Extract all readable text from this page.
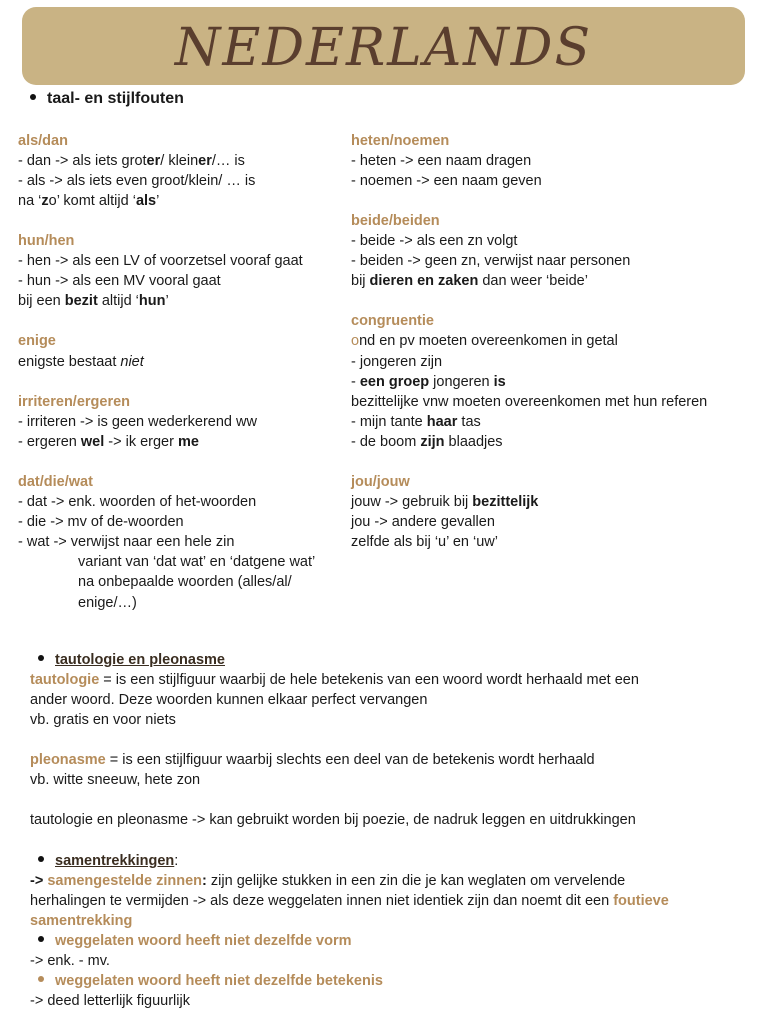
NEDERLANDS
taal- en stijlfouten
als/dan
- dan -> als iets groter/ kleiner/… is
- als -> als iets even groot/klein/ … is
na ‘zo’ komt altijd ‘als’
hun/hen
- hen -> als een LV of voorzetsel vooraf gaat
- hun -> als een MV vooral gaat
bij een bezit altijd ‘hun’
enige
enigste bestaat niet
irriteren/ergeren
- irriteren -> is geen wederkerend ww
- ergeren wel -> ik erger me
dat/die/wat
- dat -> enk. woorden of het-woorden
- die -> mv of de-woorden
- wat -> verwijst naar een hele zin
variant van ‘dat wat’ en ‘datgene wat’
na onbepaalde woorden (alles/al/
enige/…)
heten/noemen
- heten -> een naam dragen
- noemen -> een naam geven
beide/beiden
- beide -> als een zn volgt
- beiden -> geen zn, verwijst naar personen
bij dieren en zaken dan weer ‘beide’
congruentie
ond en pv moeten overeenkomen in getal
- jongeren zijn
- een groep jongeren is
bezittelijke vnw moeten overeenkomen met hun referen
- mijn tante haar tas
- de boom zijn blaadjes
jou/jouw
jouw -> gebruik bij bezittelijk
jou -> andere gevallen
zelfde als bij ‘u’ en ‘uw’
tautologie en pleonasme
tautologie = is een stijlfiguur waarbij de hele betekenis van een woord wordt herhaald met een
ander woord. Deze woorden kunnen elkaar perfect vervangen
vb. gratis en voor niets
pleonasme = is een stijlfiguur waarbij slechts een deel van de betekenis wordt herhaald
vb. witte sneeuw, hete zon
tautologie en pleonasme -> kan gebruikt worden bij poezie, de nadruk leggen en uitdrukkingen
samentrekkingen:
-> samengestelde zinnen: zijn gelijke stukken in een zin die je kan weglaten om vervelende
herhalingen te vermijden -> als deze weggelaten innen niet identiek zijn dan noemt dit een foutieve
samentrekking
weggelaten woord heeft niet dezelfde vorm
-> enk. - mv.
weggelaten woord heeft niet dezelfde betekenis
-> deed letterlijk figuurlijk
